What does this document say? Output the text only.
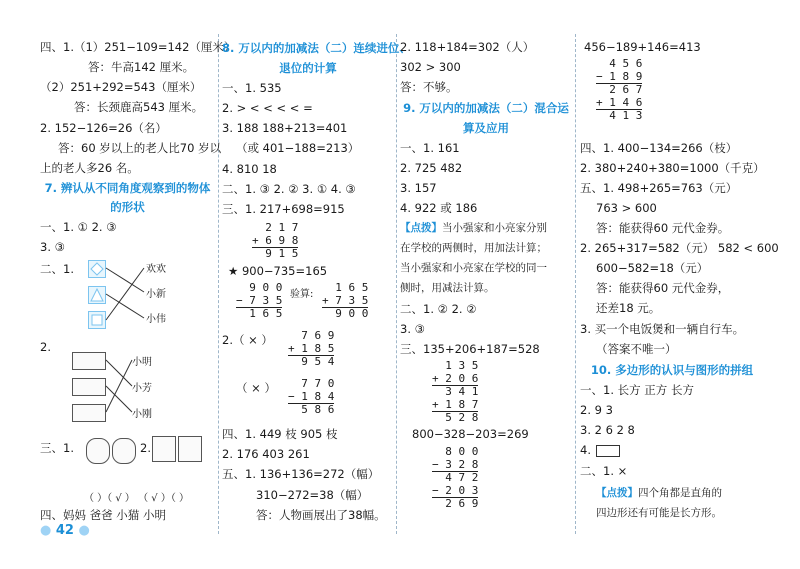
四、1.（1）251−109=142（厘米）
答：牛高142 厘米。
（2）251+292=543（厘米）
答：长颈鹿高543 厘米。
2. 152−126=26（名）
答：60 岁以上的老人比70 岁以
上的老人多26 名。
7. 辨认从不同角度观察到的物体
的形状
一、1. ① 2. ③
3. ③
二、1.	欢欢
小新
小伟
2.
小明
小芳
小刚
三、1.	2.
（ ）（ √ ） （ √ ）（ ）
四、妈妈 爸爸 小猫 小明
8. 万以内的加减法（二）连续进位、
退位的计算
一、1. 535
2. > < < < < =
3. 188 188+213=401
（或 401−188=213）
4. 810 18
二、1. ③ 2. ② 3. ① 4. ③
三、1. 217+698=915
2 1 7
+ 6 9 8
9 1 5
★ 900−735=165
9 0 0
− 7 3 5
1 6 5
验算:
1 6 5
+ 7 3 5
9 0 0
2.（ × ） 7 6 9
+ 1 8 5
9 5 4
（ × ） 7 7 0
− 1 8 4
5 8 6
四、1. 449 枝 905 枝
2. 176 403 261
五、1. 136+136=272（幅）
310−272=38（幅）
答：人物画展出了38幅。
2. 118+184=302（人）
302 > 300
答：不够。
9. 万以内的加减法（二）混合运
算及应用
一、1. 161
2. 725 482
3. 157
4. 922 或 186
【点拨】当小强家和小亮家分别
在学校的两侧时，用加法计算；
当小强家和小亮家在学校的同一
侧时，用减法计算。
二、1. ② 2. ②
3. ③
三、135+206+187=528
1 3 5
+ 2 0 6
3 4 1
+ 1 8 7
5 2 8
800−328−203=269
8 0 0
− 3 2 8
4 7 2
− 2 0 3
2 6 9
456−189+146=413
4 5 6
− 1 8 9
2 6 7
+ 1 4 6
4 1 3
四、1. 400−134=266（枝）
2. 380+240+380=1000（千克）
五、1. 498+265=763（元）
763 > 600
答：能获得60 元代金券。
2. 265+317=582（元） 582 < 600
600−582=18（元）
答：能获得60 元代金券，
还差18 元。
3. 买一个电饭煲和一辆自行车。
（答案不唯一）
10. 多边形的认识与图形的拼组
一、1. 长方 正方 长方
2. 9 3
3. 2 6 2 8
4.
二、1. ×
【点拨】四个角都是直角的
四边形还有可能是长方形。
● 42 ●
